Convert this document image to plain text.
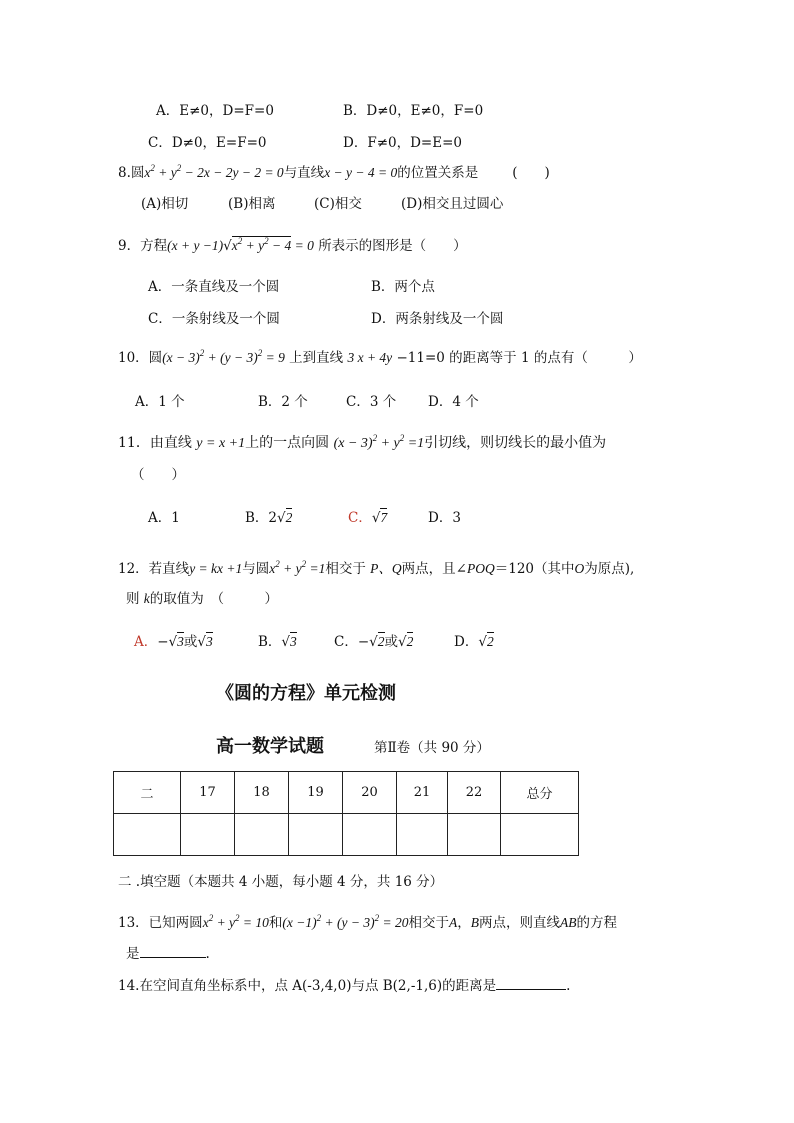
A．E≠0，D=F=0	B．D≠0，E≠0，F=0
C．D≠0，E=F=0	D．F≠0，D=E=0
8.圆$x^2 + y^2 - 2x - 2y - 2 = 0$与直线x − y − 4 = 0的位置关系是	(　　)
(A)相切	(B)相离	(C)相交	(D)相交且过圆心
9．方程$(x + y -1)√x^2 + y^2 - 4 = 0$ 所表示的图形是（　　）
A．一条直线及一个圆	B．两个点
C．一条射线及一个圆	D．两条射线及一个圆
10．圆$(x - 3)^2 + (y - 3)^2 = 9$ 上到直线 3 x + 4y −11=0 的距离等于 1 的点有（　　　）
A．1 个	B．2 个	C．3 个 D．4 个
11．由直线 y = x +1上的一点向圆 $(x - 3)^2 + y^2 =1$引切线，则切线长的最小值为
（　　）
A．1	B．2√2	C．√7	D．3
12．若直线y = kx +1与圆$x^2 + y^2 =1$相交于 P、Q两点，且∠POQ＝120（其中O为原点),
则 k的取值为　（　　　）
A．−√3或√3	B．√3	C．−√2或√2	D．√2
《圆的方程》单元检测
高一数学试题	第Ⅱ卷（共 90 分）
二	17	18	19	20	21	22	总分

二 .填空题（本题共 4 小题，每小题 4 分，共 16 分）
13．已知两圆$x^2 + y^2 = 10$和$(x -1)^2 + (y - 3)^2 = 20$相交于A，B两点，则直线AB的方程
是	.
14.在空间直角坐标系中，点 A(-3,4,0)与点 B(2,-1,6)的距离是	.
